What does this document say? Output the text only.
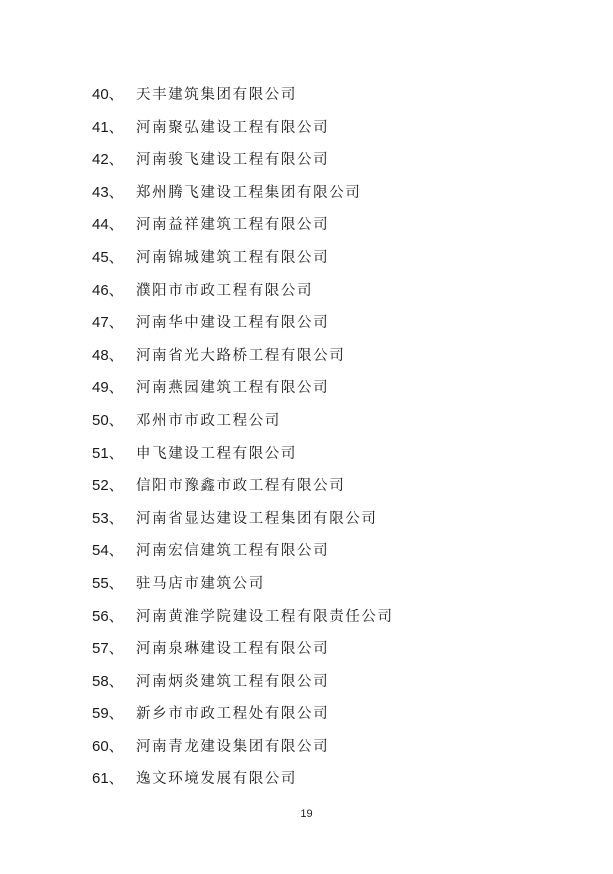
40、 天丰建筑集团有限公司
41、 河南聚弘建设工程有限公司
42、 河南骏飞建设工程有限公司
43、 郑州腾飞建设工程集团有限公司
44、 河南益祥建筑工程有限公司
45、 河南锦城建筑工程有限公司
46、 濮阳市市政工程有限公司
47、 河南华中建设工程有限公司
48、 河南省光大路桥工程有限公司
49、 河南燕园建筑工程有限公司
50、 邓州市市政工程公司
51、 申飞建设工程有限公司
52、 信阳市豫鑫市政工程有限公司
53、 河南省显达建设工程集团有限公司
54、 河南宏信建筑工程有限公司
55、 驻马店市建筑公司
56、 河南黄淮学院建设工程有限责任公司
57、 河南泉琳建设工程有限公司
58、 河南炳炎建筑工程有限公司
59、 新乡市市政工程处有限公司
60、 河南青龙建设集团有限公司
61、 逸文环境发展有限公司
19
